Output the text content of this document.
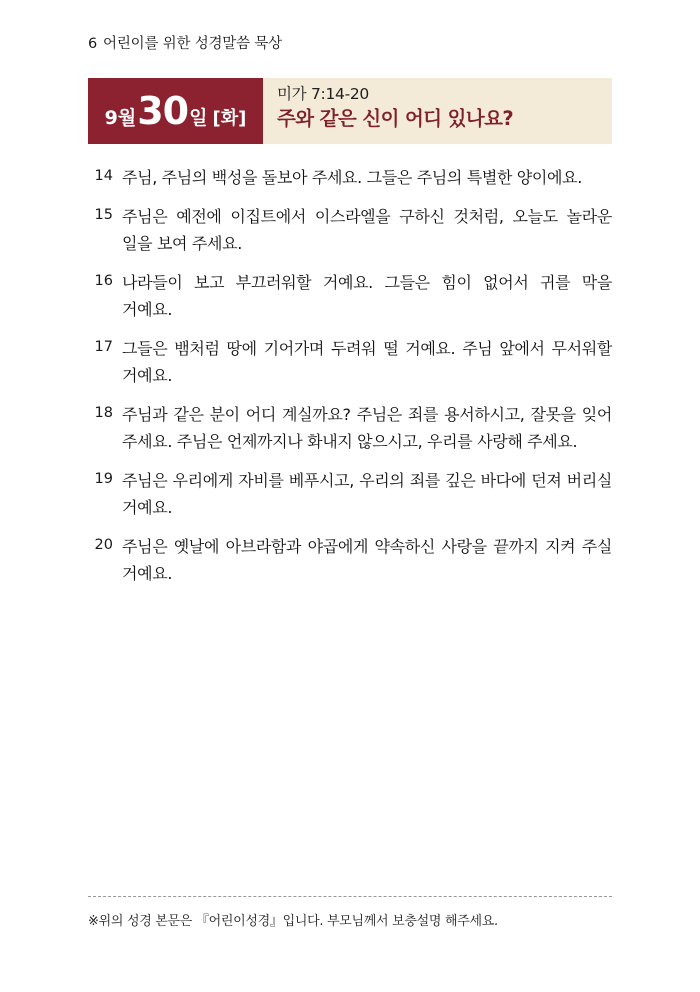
6 어린이를 위한 성경말씀 묵상
9월 30 일 [화]
미가 7:14-20
주와 같은 신이 어디 있나요?
14 주님, 주님의 백성을 돌보아 주세요. 그들은 주님의 특별한 양이에요.
15 주님은 예전에 이집트에서 이스라엘을 구하신 것처럼, 오늘도 놀라운 일을 보여 주세요.
16 나라들이 보고 부끄러워할 거예요. 그들은 힘이 없어서 귀를 막을 거예요.
17 그들은 뱀처럼 땅에 기어가며 두려워 떨 거예요. 주님 앞에서 무서워할 거예요.
18 주님과 같은 분이 어디 계실까요? 주님은 죄를 용서하시고, 잘못을 잊어 주세요. 주님은 언제까지나 화내지 않으시고, 우리를 사랑해 주세요.
19 주님은 우리에게 자비를 베푸시고, 우리의 죄를 깊은 바다에 던져 버리실 거예요.
20 주님은 옛날에 아브라함과 야곱에게 약속하신 사랑을 끝까지 지켜 주실 거예요.
※위의 성경 본문은 『어린이성경』입니다. 부모님께서 보충설명 해주세요.
